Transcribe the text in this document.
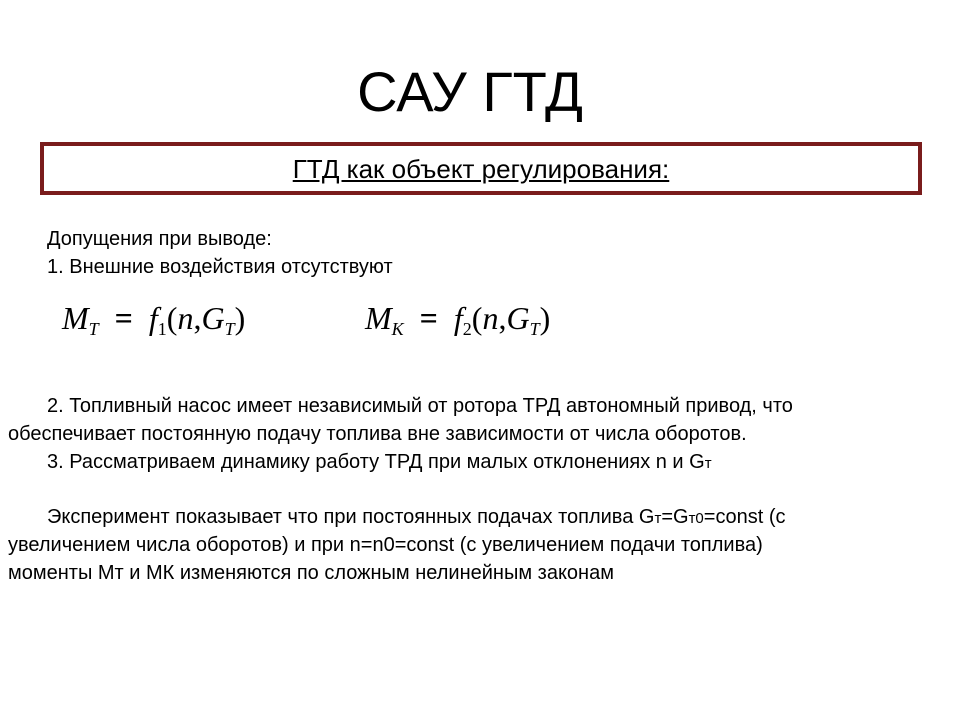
САУ ГТД
ГТД как объект регулирования:
Допущения при выводе:
1. Внешние воздействия отсутствуют
$M_T = f_1(n,G_T)$	$M_K = f_2(n,G_T)$
2. Топливный насос имеет независимый от ротора ТРД автономный привод, что
обеспечивает постоянную подачу топлива вне зависимости от числа оборотов.
3. Рассматриваем динамику работу ТРД при малых отклонениях n и Gт
Эксперимент показывает что при постоянных подачах топлива Gт=Gт0=const (с
увеличением числа оборотов) и при n=n0=const (с увеличением подачи топлива)
моменты Мт и МК изменяются по сложным нелинейным законам
